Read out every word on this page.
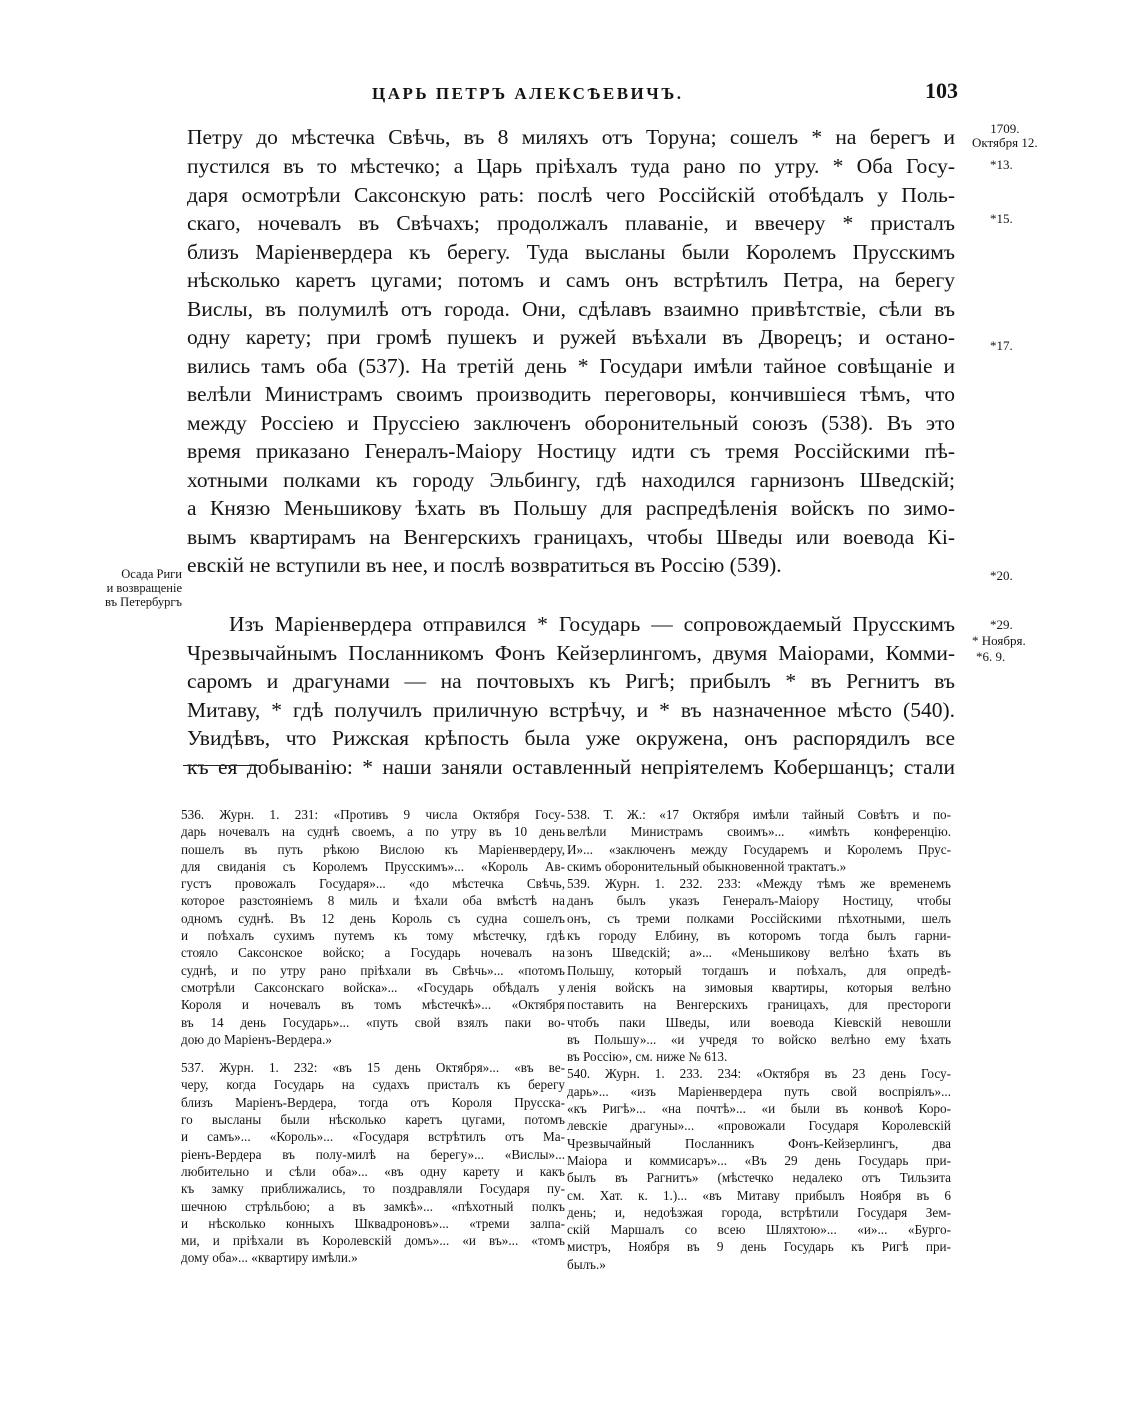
ЦАРЬ ПЕТРЪ АЛЕКСѢЕВИЧЪ.	103
Петру до мѣстечка Свѣчь, въ 8 миляхъ отъ Торуна; сошелъ * на берегъ и
пустился въ то мѣстечко; а Царь пріѣхалъ туда рано по утру. * Оба Госу-
даря осмотрѣли Саксонскую рать: послѣ чего Россійскій отобѣдалъ у Поль-
скаго, ночевалъ въ Свѣчахъ; продолжалъ плаваніе, и ввечеру * присталъ
близъ Маріенвердера къ берегу. Туда высланы были Королемъ Прусскимъ
нѣсколько каретъ цугами; потомъ и самъ онъ встрѣтилъ Петра, на берегу
Вислы, въ полумилѣ отъ города. Они, сдѣлавъ взаимно привѣтствіе, сѣли въ
одну карету; при громѣ пушекъ и ружей въѣхали въ Дворецъ; и остано-
вились тамъ оба (537). На третій день * Государи имѣли тайное совѣщаніе и
велѣли Министрамъ своимъ производить переговоры, кончившіеся тѣмъ, что
между Россіею и Пруссіею заключенъ оборонительный союзъ (538). Въ это
время приказано Генералъ-Маіору Ностицу идти съ тремя Россійскими пѣ-
хотными полками къ городу Эльбингу, гдѣ находился гарнизонъ Шведскій;
а Князю Меньшикову ѣхать въ Польшу для распредѣленія войскъ по зимо-
вымъ квартирамъ на Венгерскихъ границахъ, чтобы Шведы или воевода Кі-
евскій не вступили въ нее, и послѣ возвратиться въ Россію (539).
Изъ Маріенвердера отправился * Государь — сопровождаемый Прусскимъ
Чрезвычайнымъ Посланникомъ Фонъ Кейзерлингомъ, двумя Маіорами, Комми-
саромъ и драгунами — на почтовыхъ къ Ригѣ; прибылъ * въ Регнитъ въ
Митаву, * гдѣ получилъ приличную встрѣчу, и * въ назначенное мѣсто (540).
Увидѣвъ, что Рижская крѣпость была уже окружена, онъ распорядилъ все
къ ея добыванію: * наши заняли оставленный непріятелемъ Кобершанцъ; стали
Осада Риги
и возвращеніе
въ Петербургъ
1709.
Октября 12.
*13.
*15.
*17.
*20.
*29.
* Ноября.
*6. 9.
536. Журн. 1. 231: «Противъ 9 числа Октября Госу-
дарь ночевалъ на суднѣ своемъ, а по утру въ 10 день
пошелъ въ путь рѣкою Вислою къ Маріенвердеру,
для свиданія съ Королемъ Прусскимъ»... «Король Ав-
густъ провожалъ Государя»... «до мѣстечка Свѣчь,
которое разстояніемъ 8 миль и ѣхали оба вмѣстѣ на
одномъ суднѣ. Въ 12 день Король съ судна сошелъ
и поѣхалъ сухимъ путемъ къ тому мѣстечку, гдѣ
стояло Саксонское войско; а Государь ночевалъ на
суднѣ, и по утру рано пріѣхали въ Свѣчь»... «потомъ
смотрѣли Саксонскаго войска»... «Государь обѣдалъ у
Короля и ночевалъ въ томъ мѣстечкѣ»... «Октября
въ 14 день Государь»... «путь свой взялъ паки во-
дою до Маріенъ-Вердера.»
537. Журн. 1. 232: «въ 15 день Октября»... «въ ве-
черу, когда Государь на судахъ присталъ къ берегу
близъ Маріенъ-Вердера, тогда отъ Короля Прусска-
го высланы были нѣсколько каретъ цугами, потомъ
и самъ»... «Король»... «Государя встрѣтилъ отъ Ма-
ріенъ-Вердера въ полу-милѣ на берегу»... «Вислы»...
любительно и сѣли оба»... «въ одну карету и какъ
къ замку приближались, то поздравляли Государя пу-
шечною стрѣльбою; а въ замкѣ»... «пѣхотный полкъ
и нѣсколько конныхъ Шквадроновъ»... «треми залпа-
ми, и пріѣхали въ Королевскій домъ»... «и въ»... «томъ
дому оба»... «квартиру имѣли.»
538. Т. Ж.: «17 Октября имѣли тайный Совѣтъ и по-
велѣли Министрамъ своимъ»... «имѣть конференцію.
И»... «заключенъ между Государемъ и Королемъ Прус-
скимъ оборонительный обыкновенной трактатъ.»
539. Журн. 1. 232. 233: «Между тѣмъ же временемъ
данъ былъ указъ Генералъ-Маіору Ностицу, чтобы
онъ, съ треми полками Россійскими пѣхотными, шелъ
къ городу Елбину, въ которомъ тогда былъ гарни-
зонъ Шведскій; а»... «Меньшикову велѣно ѣхать въ
Польшу, который тогдашъ и поѣхалъ, для опредѣ-
ленія войскъ на зимовыя квартиры, которыя велѣно
поставить на Венгерскихъ границахъ, для престороги
чтобъ паки Шведы, или воевода Кіевскій невошли
въ Польшу»... «и учредя то войско велѣно ему ѣхать
въ Россію», см. ниже № 613.
540. Журн. 1. 233. 234: «Октября въ 23 день Госу-
дарь»... «изъ Маріенвердера путь свой воспріялъ»...
«къ Ригѣ»... «на почтѣ»... «и были въ конвоѣ Коро-
левскіе драгуны»... «провожали Государя Королевскій
Чрезвычайный Посланникъ Фонъ-Кейзерлингъ, два
Маіора и коммисаръ»... «Въ 29 день Государь при-
былъ въ Рагнитъ» (мѣстечко недалеко отъ Тильзита
см. Хат. к. 1.)... «въ Митаву прибылъ Ноября въ 6
день; и, недоѣзжая города, встрѣтили Государя Зем-
скій Маршалъ со всею Шляхтою»... «и»... «Бурго-
мистръ, Ноября въ 9 день Государь къ Ригѣ при-
былъ.»
